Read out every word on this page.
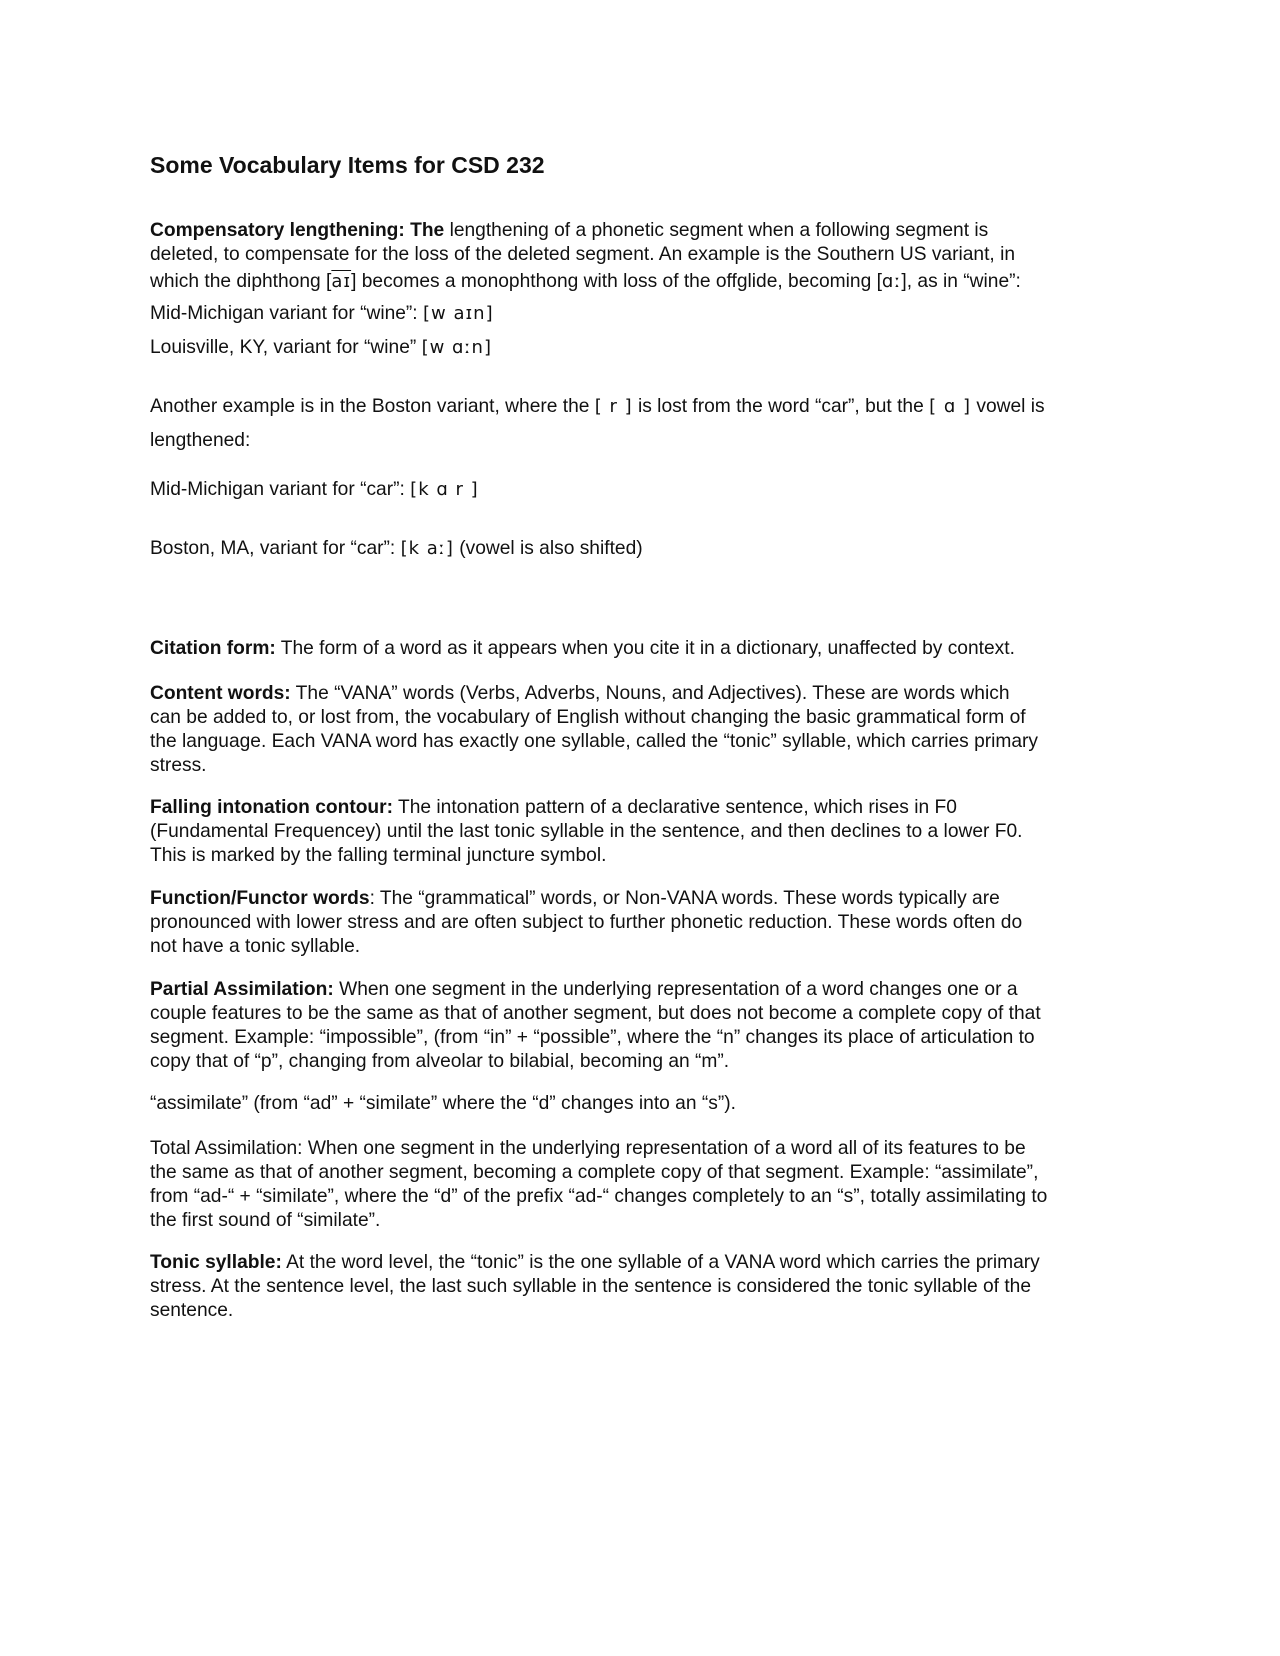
Some Vocabulary Items for CSD 232
Compensatory lengthening: The lengthening of a phonetic segment when a following segment is
deleted, to compensate for the loss of the deleted segment. An example is the Southern US variant, in
which the diphthong $[\overline{aɪ}]$ becomes a monophthong with loss of the offglide, becoming [ɑː], as in “wine”:
Mid-Michigan variant for “wine”: [w aɪn]
Louisville, KY, variant for “wine” [w ɑːn]
Another example is in the Boston variant, where the [ r ] is lost from the word “car”, but the [ ɑ ] vowel is
lengthened:
Mid-Michigan variant for “car”: [k ɑ r ]
Boston, MA, variant for “car”: [k aː] (vowel is also shifted)
Citation form: The form of a word as it appears when you cite it in a dictionary, unaffected by context.
Content words: The “VANA” words (Verbs, Adverbs, Nouns, and Adjectives). These are words which
can be added to, or lost from, the vocabulary of English without changing the basic grammatical form of
the language. Each VANA word has exactly one syllable, called the “tonic” syllable, which carries primary
stress.
Falling intonation contour: The intonation pattern of a declarative sentence, which rises in F0
(Fundamental Frequencey) until the last tonic syllable in the sentence, and then declines to a lower F0.
This is marked by the falling terminal juncture symbol.
Function/Functor words: The “grammatical” words, or Non-VANA words. These words typically are
pronounced with lower stress and are often subject to further phonetic reduction. These words often do
not have a tonic syllable.
Partial Assimilation: When one segment in the underlying representation of a word changes one or a
couple features to be the same as that of another segment, but does not become a complete copy of that
segment. Example: “impossible”, (from “in” + “possible”, where the “n” changes its place of articulation to
copy that of “p”, changing from alveolar to bilabial, becoming an “m”.
“assimilate” (from “ad” + “similate” where the “d” changes into an “s”).
Total Assimilation: When one segment in the underlying representation of a word all of its features to be
the same as that of another segment, becoming a complete copy of that segment. Example: “assimilate”,
from “ad-“ + “similate”, where the “d” of the prefix “ad-“ changes completely to an “s”, totally assimilating to
the first sound of “similate”.
Tonic syllable: At the word level, the “tonic” is the one syllable of a VANA word which carries the primary
stress. At the sentence level, the last such syllable in the sentence is considered the tonic syllable of the
sentence.
